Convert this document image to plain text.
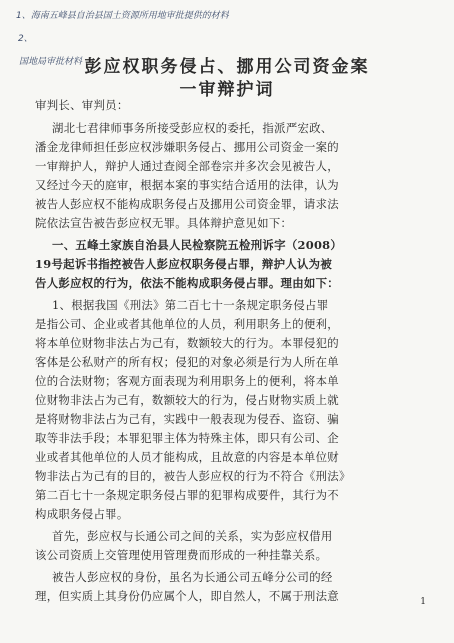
1、海南五峰县自治县国土资源所用地审批提供的材料
2、
国地局审批材料 彭应权职务侵占、挪用公司资金案
一审辩护词
审判长、审判员：
湖北七君律师事务所接受彭应权的委托，指派严宏政、
潘金龙律师担任彭应权涉嫌职务侵占、挪用公司资金一案的
一审辩护人，辩护人通过查阅全部卷宗并多次会见被告人，
又经过今天的庭审，根据本案的事实结合适用的法律，认为
被告人彭应权不能构成职务侵占及挪用公司资金罪，请求法
院依法宣告被告彭应权无罪。具体辩护意见如下：
一、五峰土家族自治县人民检察院五检刑诉字（2008）
19号起诉书指控被告人彭应权职务侵占罪，辩护人认为被
告人彭应权的行为，依法不能构成职务侵占罪。理由如下：
1、根据我国《刑法》第二百七十一条规定职务侵占罪
是指公司、企业或者其他单位的人员，利用职务上的便利，
将本单位财物非法占为己有，数额较大的行为。本罪侵犯的
客体是公私财产的所有权；侵犯的对象必须是行为人所在单
位的合法财物；客观方面表现为利用职务上的便利，将本单
位财物非法占为己有，数额较大的行为，侵占财物实质上就
是将财物非法占为己有，实践中一般表现为侵吞、盗窃、骗
取等非法手段；本罪犯罪主体为特殊主体，即只有公司、企
业或者其他单位的人员才能构成，且故意的内容是本单位财
物非法占为己有的目的，被告人彭应权的行为不符合《刑法》
第二百七十一条规定职务侵占罪的犯罪构成要件，其行为不
构成职务侵占罪。
首先，彭应权与长通公司之间的关系，实为彭应权借用
该公司资质上交管理使用管理费而形成的一种挂靠关系。
被告人彭应权的身份，虽名为长通公司五峰分公司的经
理，但实质上其身份仍应属个人，即自然人，不属于刑法意	1
